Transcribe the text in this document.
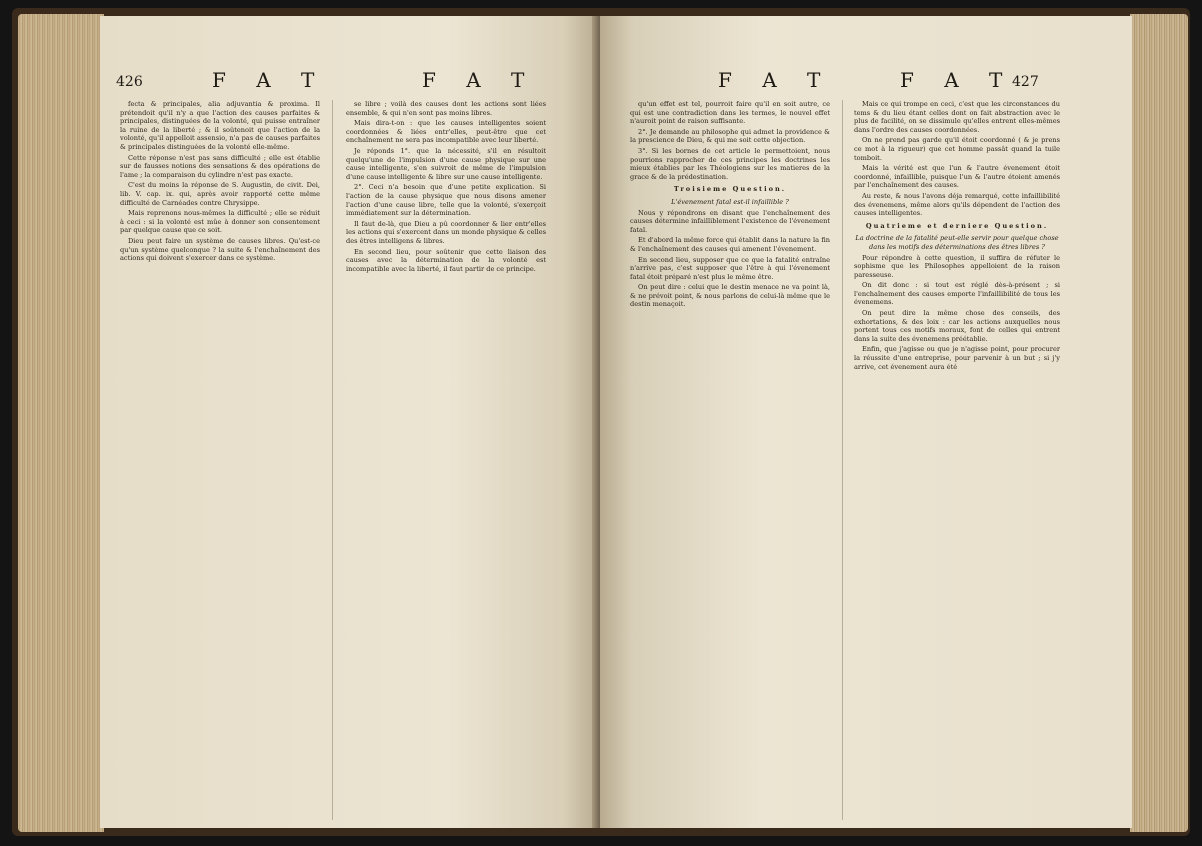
426	F A T	F A T

fecta & principales, alia adjuvantia & proxima. Il prétendoit qu'il n'y a que l'action des causes parfaites & principales, distinguées de la volonté, qui puisse entraîner la ruine de la liberté ; & il soûtenoit que l'action de la volonté, qu'il appelloit assensio, n'a pas de causes parfaites & principales distinguées de la volonté elle-même.

Cette réponse n'est pas sans difficulté ; elle est établie sur de fausses notions des sensations & des opérations de l'ame ; la comparaison du cylindre n'est pas exacte.

C'est du moins la réponse de S. Augustin, de civit. Dei, lib. V. cap. ix. qui, après avoir rapporté cette même difficulté de Carnéades contre Chrysippe.

Mais reprenons nous-mêmes la difficulté ; elle se réduit à ceci : si la volonté est mûe à donner son consentement par quelque cause que ce soit.

Dieu peut faire un système de causes libres. Qu'est-ce qu'un système quelconque ? la suite & l'enchaînement des actions qui doivent s'exercer dans ce système.

se libre ; voilà des causes dont les actions sont liées ensemble, & qui n'en sont pas moins libres.

Mais dira-t-on : que les causes intelligentes soient coordonnées & liées entr'elles, peut-être que cet enchaînement ne sera pas incompatible avec leur liberté.

Je réponds 1°. que la nécessité, s'il en résultoit quelqu'une de l'impulsion d'une cause physique sur une cause intelligente, s'en suivroit de même de l'impulsion d'une cause intelligente & libre sur une cause intelligente.

2°. Ceci n'a besoin que d'une petite explication. Si l'action de la cause physique que nous disons amener l'action d'une cause libre, telle que la volonté, s'exerçoit immédiatement sur la détermination.

Il faut de-là, que Dieu a pû coordonner & lier entr'elles les actions qui s'exercent dans un monde physique & celles des êtres intelligens & libres.

En second lieu, pour soûtenir que cette liaison des causes avec la détermination de la volonté est incompatible avec la liberté, il faut partir de ce principe.

F A T	F A T
427

qu'un effet est tel, pourroit faire qu'il en soit autre, ce qui est une contradiction dans les termes, le nouvel effet n'auroit point de raison suffisante.

2°. Je demande au philosophe qui admet la providence & la prescience de Dieu, & qui me soit cette objection.

3°. Si les bornes de cet article le permettoient, nous pourrions rapprocher de ces principes les doctrines les mieux établies par les Théologiens sur les matieres de la grace & de la prédestination.

Troisieme Question.

L'évenement fatal est-il infaillible ?

Nous y répondrons en disant que l'enchaînement des causes détermine infailliblement l'existence de l'évenement fatal.

Et d'abord la même force qui établit dans la nature la fin & l'enchaînement des causes qui amenent l'évenement.

En second lieu, supposer que ce que la fatalité entraîne n'arrive pas, c'est supposer que l'être à qui l'évenement fatal étoit préparé n'est plus le même être.

On peut dire : celui que le destin menace ne va point là, & ne prévoit point, & nous parlons de celui-là même que le destin menaçoit.

Mais ce qui trompe en ceci, c'est que les circonstances du tems & du lieu étant celles dont on fait abstraction avec le plus de facilité, on se dissimule qu'elles entrent elles-mêmes dans l'ordre des causes coordonnées.

On ne prend pas garde qu'il étoit coordonné ( & je prens ce mot à la rigueur) que cet homme passât quand la tuile tomboit.

Mais la vérité est que l'un & l'autre évenement étoit coordonné, infaillible, puisque l'un & l'autre étoient amenés par l'enchaînement des causes.

Au reste, & nous l'avons déja remarqué, cette infaillibilité des évenemens, même alors qu'ils dépendent de l'action des causes intelligentes.

Quatrieme et derniere Question.

La doctrine de la fatalité peut-elle servir pour quelque chose dans les motifs des déterminations des êtres libres ?

Pour répondre à cette question, il suffira de réfuter le sophisme que les Philosophes appelloient de la raison paresseuse.

On dit donc : si tout est réglé dès-à-présent ; si l'enchaînement des causes emporte l'infaillibilité de tous les évenemens.

On peut dire la même chose des conseils, des exhortations, & des loix : car les actions auxquelles nous portent tous ces motifs moraux, font de celles qui entrent dans la suite des évenemens préétablie.

Enfin, que j'agisse ou que je n'agisse point, pour procurer la réussite d'une entreprise, pour parvenir à un but ; si j'y arrive, cet évenement aura été
